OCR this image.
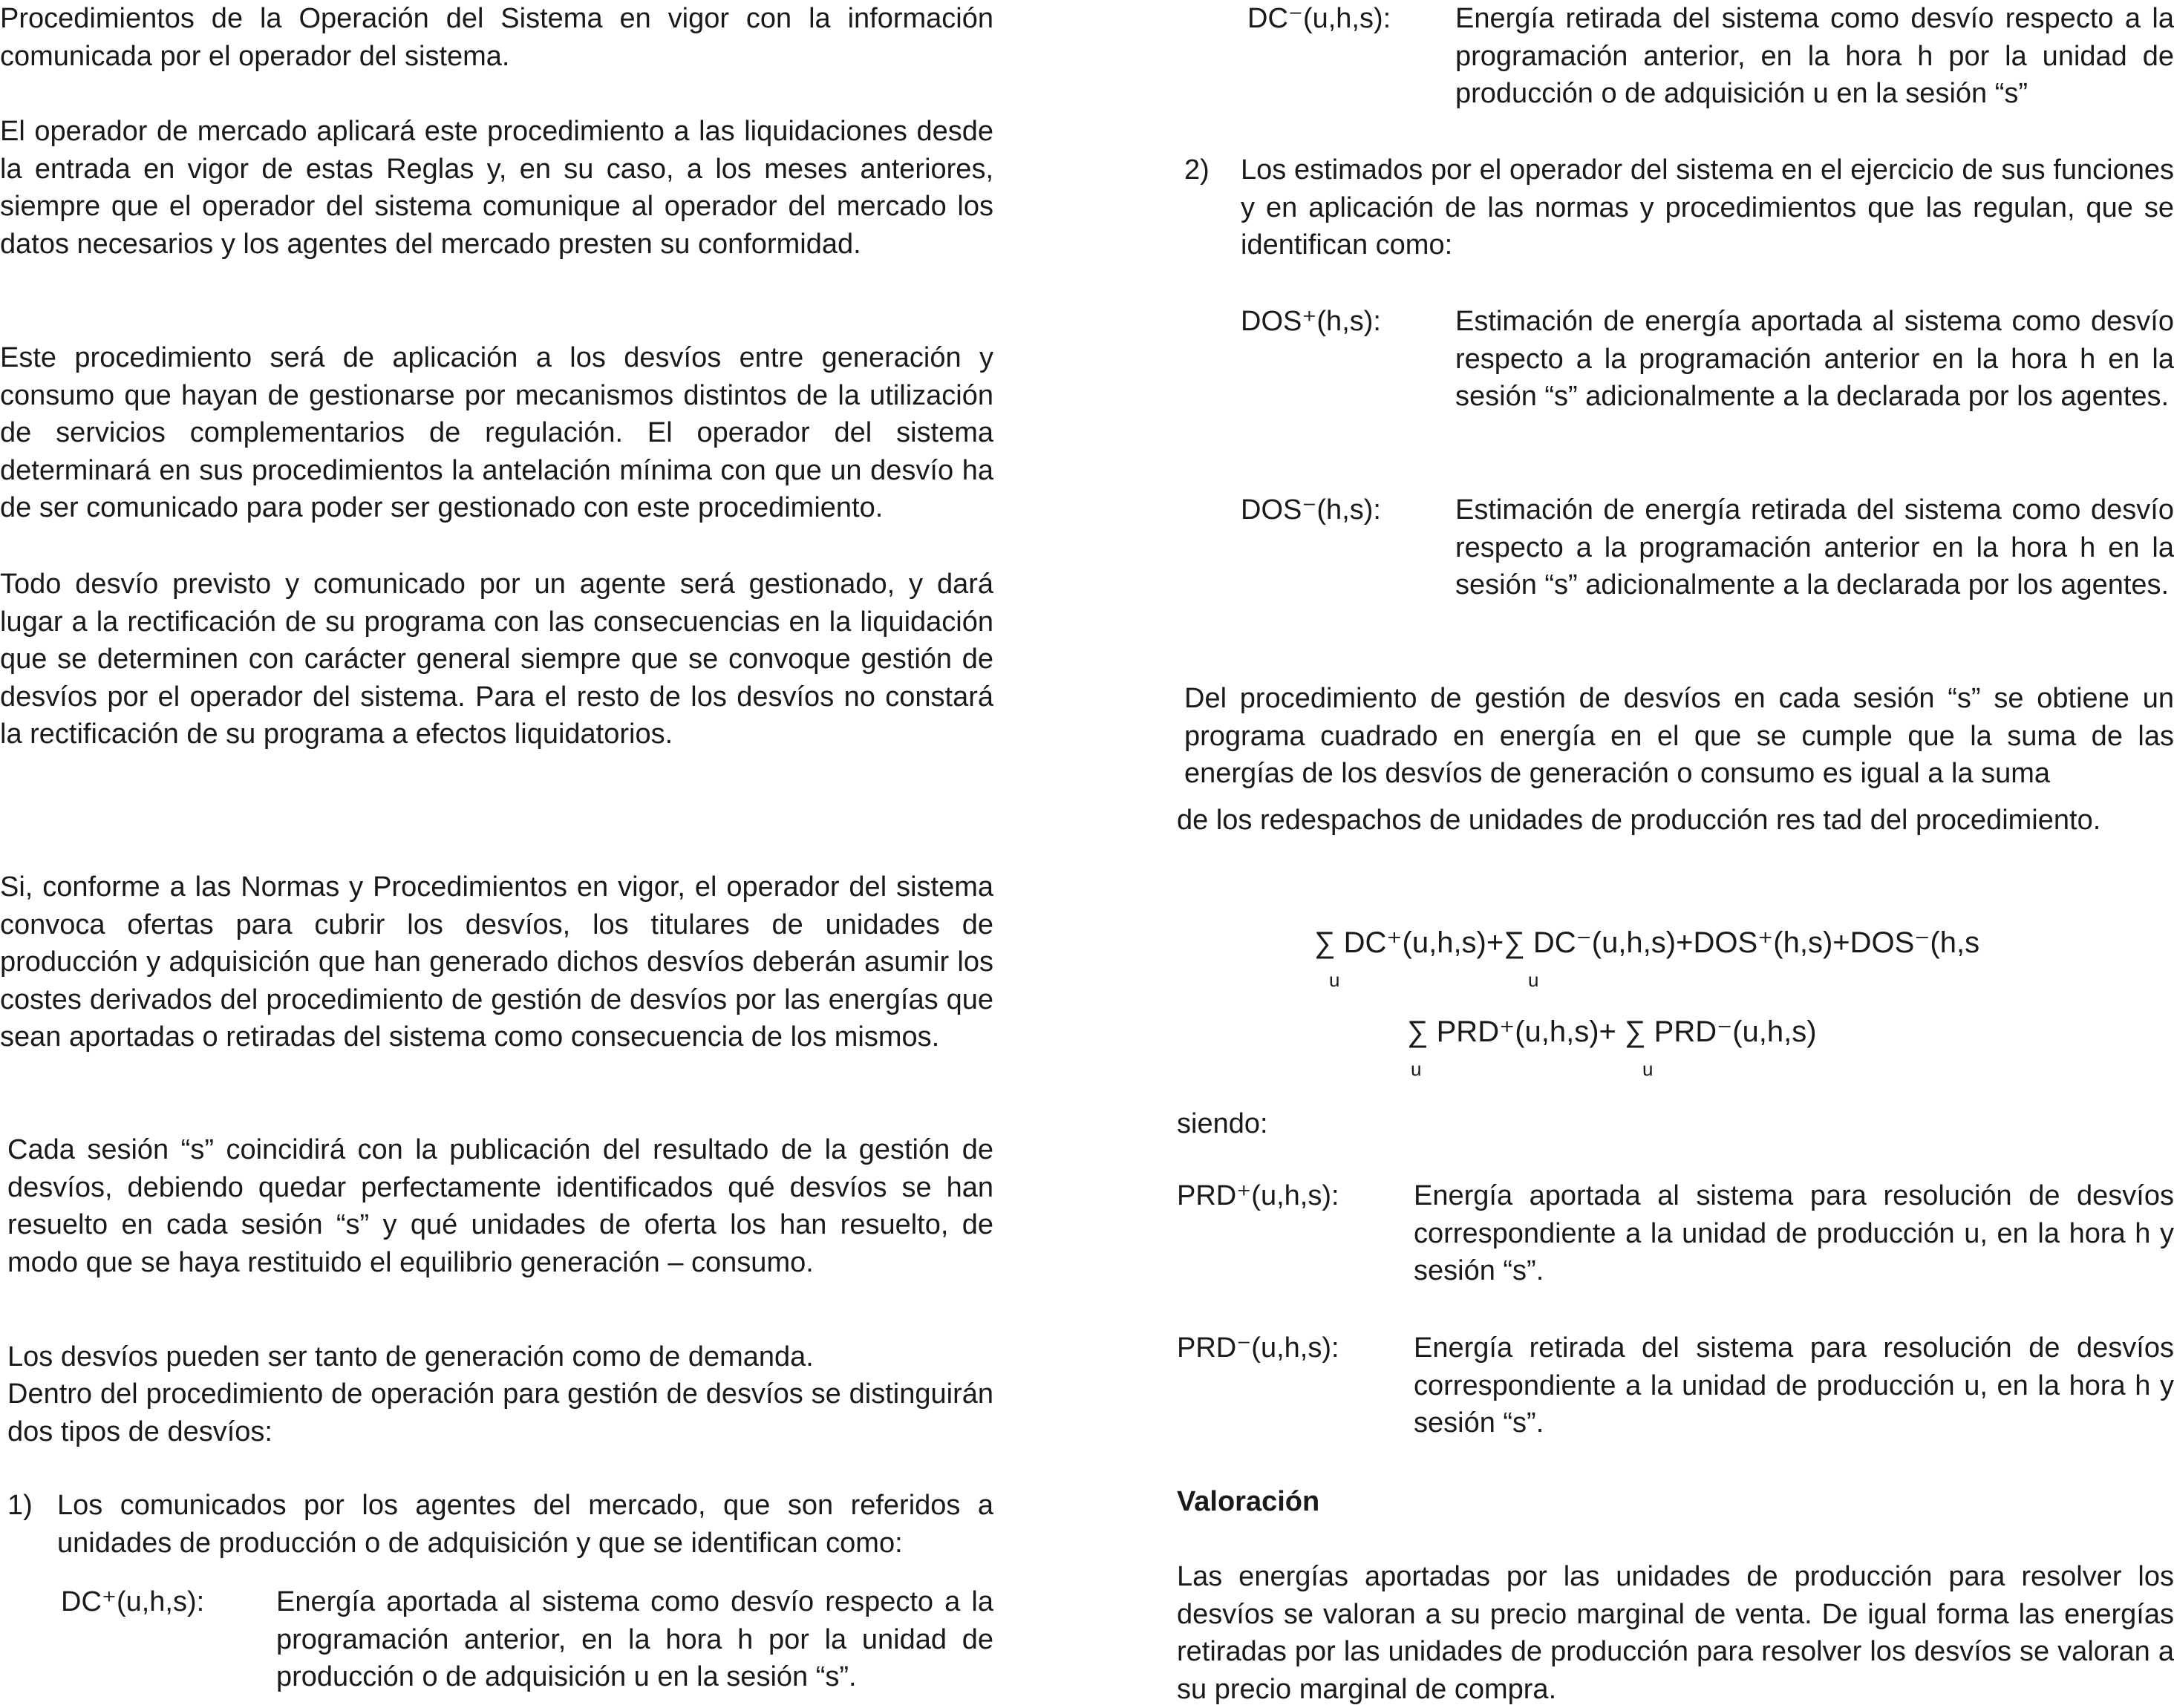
Procedimientos de la Operación del Sistema en vigor con la información comunicada por el operador del sistema.

El operador de mercado aplicará este procedimiento a las liquidaciones desde la entrada en vigor de estas Reglas y, en su caso, a los meses anteriores, siempre que el operador del sistema comunique al operador del mercado los datos necesarios y los agentes del mercado presten su conformidad.

Este procedimiento será de aplicación a los desvíos entre generación y consumo que hayan de gestionarse por mecanismos distintos de la utilización de servicios complementarios de regulación. El operador del sistema determinará en sus procedimientos la antelación mínima con que un desvío ha de ser comunicado para poder ser gestionado con este procedimiento.

Todo desvío previsto y comunicado por un agente será gestionado, y dará lugar a la rectificación de su programa con las consecuencias en la liquidación que se determinen con carácter general siempre que se convoque gestión de desvíos por el operador del sistema. Para el resto de los desvíos no constará la rectificación de su programa a efectos liquidatorios.

Si, conforme a las Normas y Procedimientos en vigor, el operador del sistema convoca ofertas para cubrir los desvíos, los titulares de unidades de producción y adquisición que han generado dichos desvíos deberán asumir los costes derivados del procedimiento de gestión de desvíos por las energías que sean aportadas o retiradas del sistema como consecuencia de los mismos.

Cada sesión “s” coincidirá con la publicación del resultado de la gestión de desvíos, debiendo quedar perfectamente identificados qué desvíos se han resuelto en cada sesión “s” y qué unidades de oferta los han resuelto, de modo que se haya restituido el equilibrio generación – consumo.

Los desvíos pueden ser tanto de generación como de demanda.

Dentro del procedimiento de operación para gestión de desvíos se distinguirán dos tipos de desvíos:

1) Los comunicados por los agentes del mercado, que son referidos a unidades de producción o de adquisición y que se identifican como:

DC⁺(u,h,s):	Energía aportada al sistema como desvío respecto a la programación anterior, en la hora h por la unidad de producción o de adquisición u en la sesión “s”.

DC⁻(u,h,s): Energía retirada del sistema como desvío respecto a la programación anterior, en la hora h por la unidad de producción o de adquisición u en la sesión “s”

2) Los estimados por el operador del sistema en el ejercicio de sus funciones y en aplicación de las normas y procedimientos que las regulan, que se identifican como:

DOS⁺(h,s):	Estimación de energía aportada al sistema como desvío respecto a la programación anterior en la hora h en la sesión “s” adicionalmente a la declarada por los agentes.

DOS⁻(h,s):	Estimación de energía retirada del sistema como desvío respecto a la programación anterior en la hora h en la sesión “s” adicionalmente a la declarada por los agentes.

Del procedimiento de gestión de desvíos en cada sesión “s” se obtiene un programa cuadrado en energía en el que se cumple que la suma de las energías de los desvíos de generación o consumo es igual a la suma

de los redespachos de unidades de producción res tad del procedimiento.

∑ DC⁺(u,h,s)+∑ DC⁻(u,h,s)+DOS⁺(h,s)+DOS⁻(h,s

u	u

∑ PRD⁺(u,h,s)+ ∑ PRD⁻(u,h,s)

u	u

siendo:

PRD⁺(u,h,s):	Energía aportada al sistema para resolución de desvíos correspondiente a la unidad de producción u, en la hora h y sesión “s”.

PRD⁻(u,h,s):	Energía retirada del sistema para resolución de desvíos correspondiente a la unidad de producción u, en la hora h y sesión “s”.

Valoración

Las energías aportadas por las unidades de producción para resolver los desvíos se valoran a su precio marginal de venta. De igual forma las energías retiradas por las unidades de producción para resolver los desvíos se valoran a su precio marginal de compra.
